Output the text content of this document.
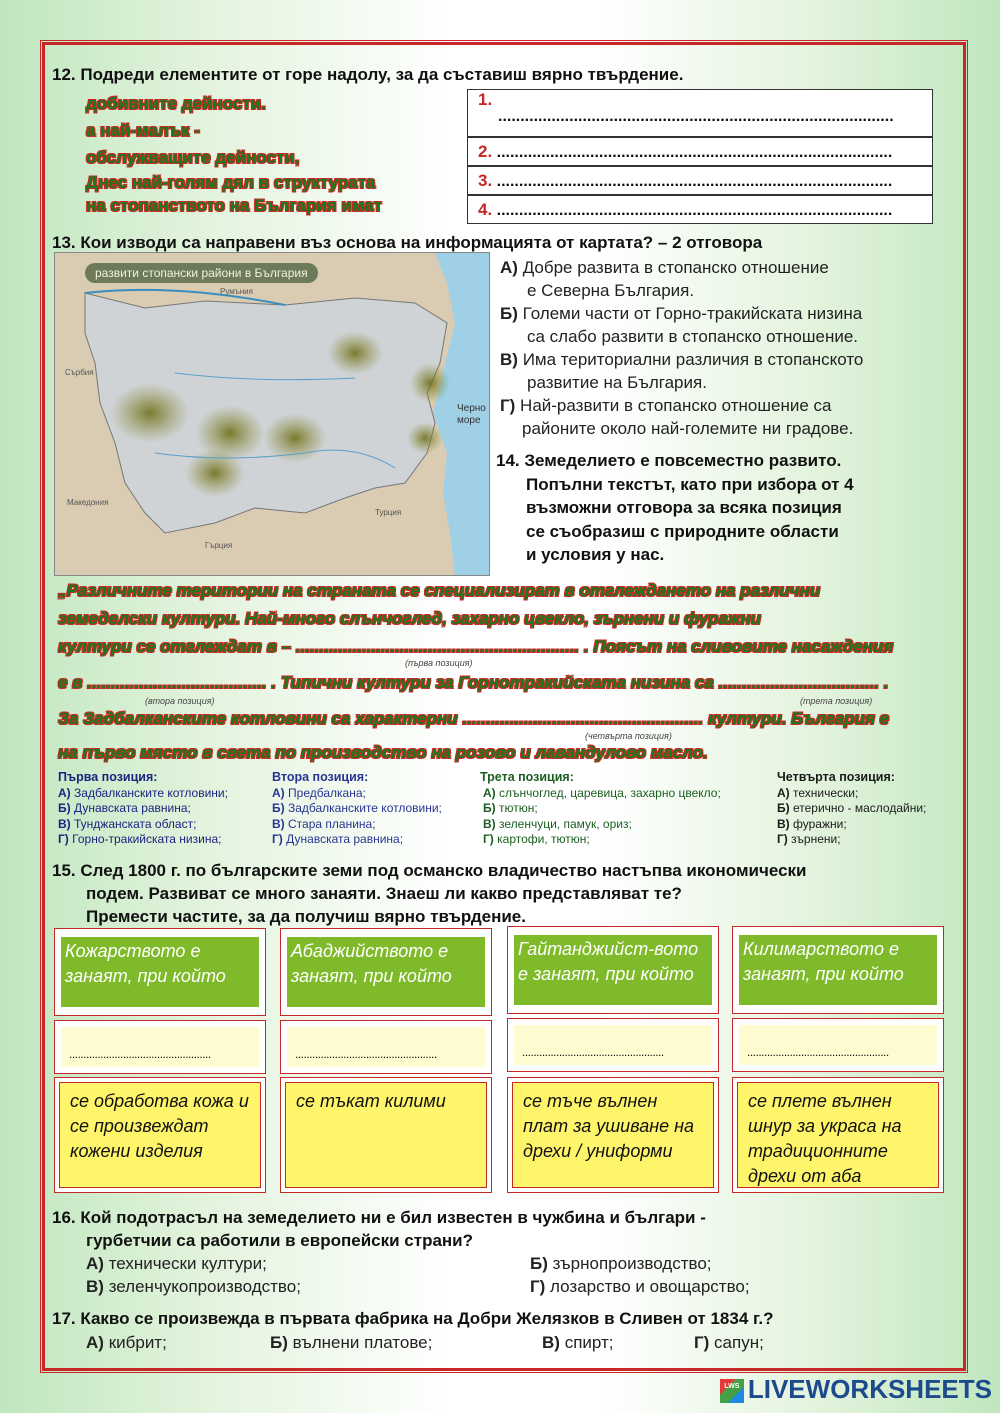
12. Подреди елементите от горе надолу, за да съставиш вярно твърдение.
добивните дейности.
а най-малък -
обслужващите дейности,
Днес най-голям дял в структурата
на стопанството на България имат
1.
.........................................................................................
2. .........................................................................................
3. .........................................................................................
4. .........................................................................................
13. Кои изводи са направени въз основа на информацията от картата? – 2 отговора
развити стопански райони в България
Румъния
Сърбия
Македония
Гърция
Турция
Черно
море
А) Добре развита в стопанско отношение
е Северна България.
Б) Големи части от Горно-тракийската низина
са слабо развити в стопанско отношение.
В) Има териториални различия в стопанското
развитие на България.
Г) Най-развити в стопанско отношение са
районите около най-големите ни градове.
14. Земеделието е повсеместно развито.
Попълни текстът, като при избора от 4
възможни отговора за всяка позиция
се съобразиш с природните области
и условия у нас.
„Различните територии на страната се специализират в отглеждането на различни
земеделски култури. Най-много слънчоглед, захарно цвекло, зърнени и фуражни
култури се отглеждат в – ............................................................ . Поясът на сливовите насаждения
е в ...................................... . Типични култури за Горнотракийската низина са .................................. .
За Задбалканските котловини са характерни ................................................... култури. България е
на първо място в света по производство на розово и лавандулово масло.
(първа позиция)
(втора позиция)	(трета позиция)
(четвърта позиция)
Първа позиция:
А) Задбалканските котловини;
Б) Дунавската равнина;
В) Тунджанската област;
Г) Горно-тракийската низина;
Втора позиция:
А) Предбалкана;
Б) Задбалканските котловини;
В) Стара планина;
Г) Дунавската равнина;
Трета позиция:
А) слънчоглед, царевица, захарно цвекло;
Б) тютюн;
В) зеленчуци, памук, ориз;
Г) картофи, тютюн;
Четвърта позиция:
А) технически;
Б) етерично - маслодайни;
В) фуражни;
Г) зърнени;
15. След 1800 г. по българските земи под османско владичество настъпва икономически
подем. Развиват се много занаяти. Знаеш ли какво представляват те?
Премести частите, за да получиш вярно твърдение.
Кожарството е занаят, при който
Абаджийството е занаят, при който
Гайтанджийст-вото е занаят, при който
Килимарството е занаят, при който
..................................................	..................................................	..................................................	..................................................
се обработва кожа и се произвеждат кожени изделия
се тъкат килими	се тъче вълнен плат за ушиване на дрехи / униформи
се плете вълнен шнур за украса на традиционните дрехи от аба
16. Кой подотрасъл на земеделието ни е бил известен в чужбина и българи -
гурбетчии са работили в европейски страни?
А) технически култури;	Б) зърнопроизводство;
В) зеленчукопроизводство;	Г) лозарство и овощарство;
17. Какво се произвежда в първата фабрика на Добри Желязков в Сливен от 1834 г.?
А) кибрит;	Б) вълнени платове;	В) спирт;	Г) сапун;
LWS LIVEWORKSHEETS
